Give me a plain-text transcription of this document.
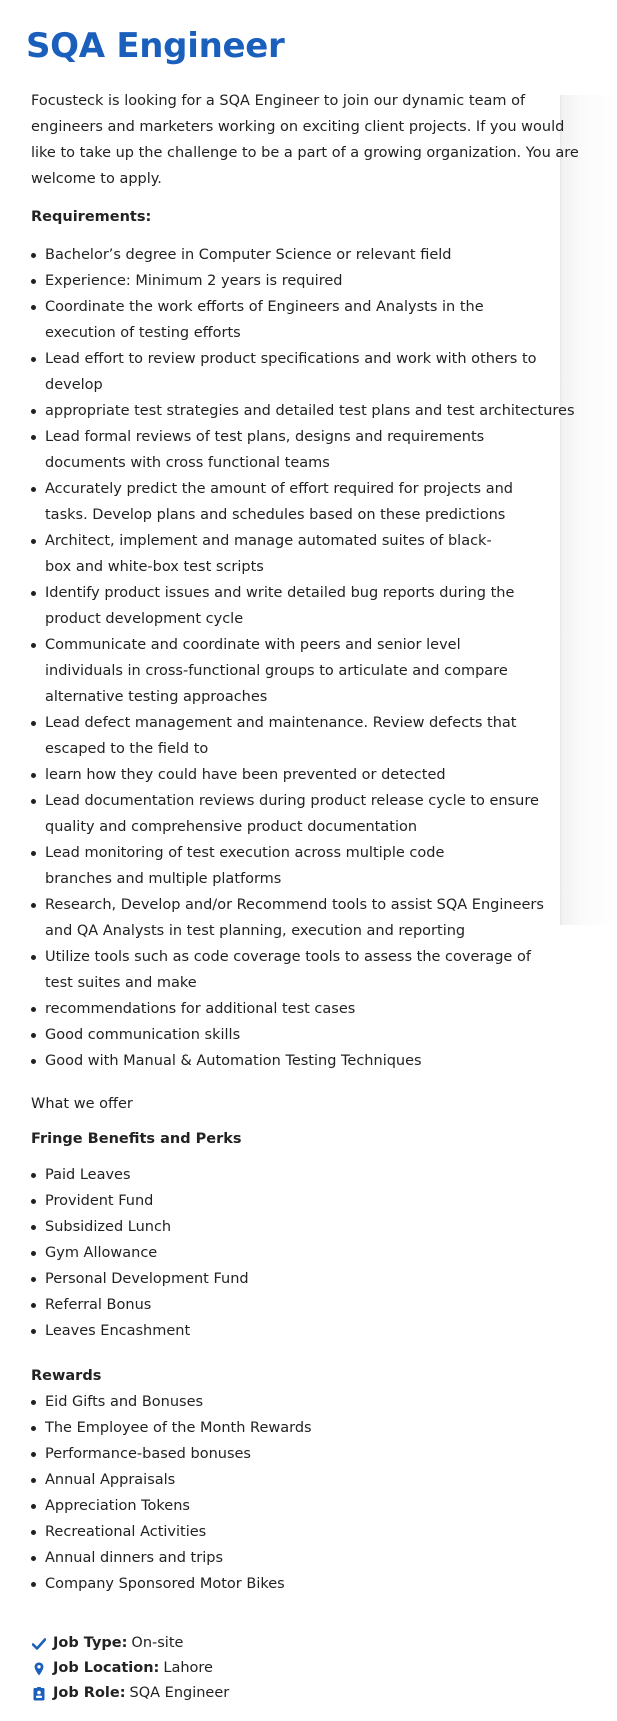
SQA Engineer

Focusteck is looking for a SQA Engineer to join our dynamic team of engineers and marketers working on exciting client projects. If you would like to take up the challenge to be a part of a growing organization. You are welcome to apply.

Requirements:

Bachelor’s degree in Computer Science or relevant field
Experience: Minimum 2 years is required
Coordinate the work efforts of Engineers and Analysts in the execution of testing efforts
Lead effort to review product specifications and work with others to develop
appropriate test strategies and detailed test plans and test architectures
Lead formal reviews of test plans, designs and requirements documents with cross functional teams
Accurately predict the amount of effort required for projects and tasks. Develop plans and schedules based on these predictions
Architect, implement and manage automated suites of black-box and white-box test scripts
Identify product issues and write detailed bug reports during the product development cycle
Communicate and coordinate with peers and senior level individuals in cross-functional groups to articulate and compare alternative testing approaches
Lead defect management and maintenance. Review defects that escaped to the field to
learn how they could have been prevented or detected
Lead documentation reviews during product release cycle to ensure quality and comprehensive product documentation
Lead monitoring of test execution across multiple code branches and multiple platforms
Research, Develop and/or Recommend tools to assist SQA Engineers and QA Analysts in test planning, execution and reporting
Utilize tools such as code coverage tools to assess the coverage of test suites and make
recommendations for additional test cases
Good communication skills
Good with Manual & Automation Testing Techniques

What we offer

Fringe Benefits and Perks

Paid Leaves
Provident Fund
Subsidized Lunch
Gym Allowance
Personal Development Fund
Referral Bonus
Leaves Encashment

Rewards

Eid Gifts and Bonuses
The Employee of the Month Rewards
Performance-based bonuses
Annual Appraisals
Appreciation Tokens
Recreational Activities
Annual dinners and trips
Company Sponsored Motor Bikes
Job Type: On-site
Job Location: Lahore
Job Role: SQA Engineer
